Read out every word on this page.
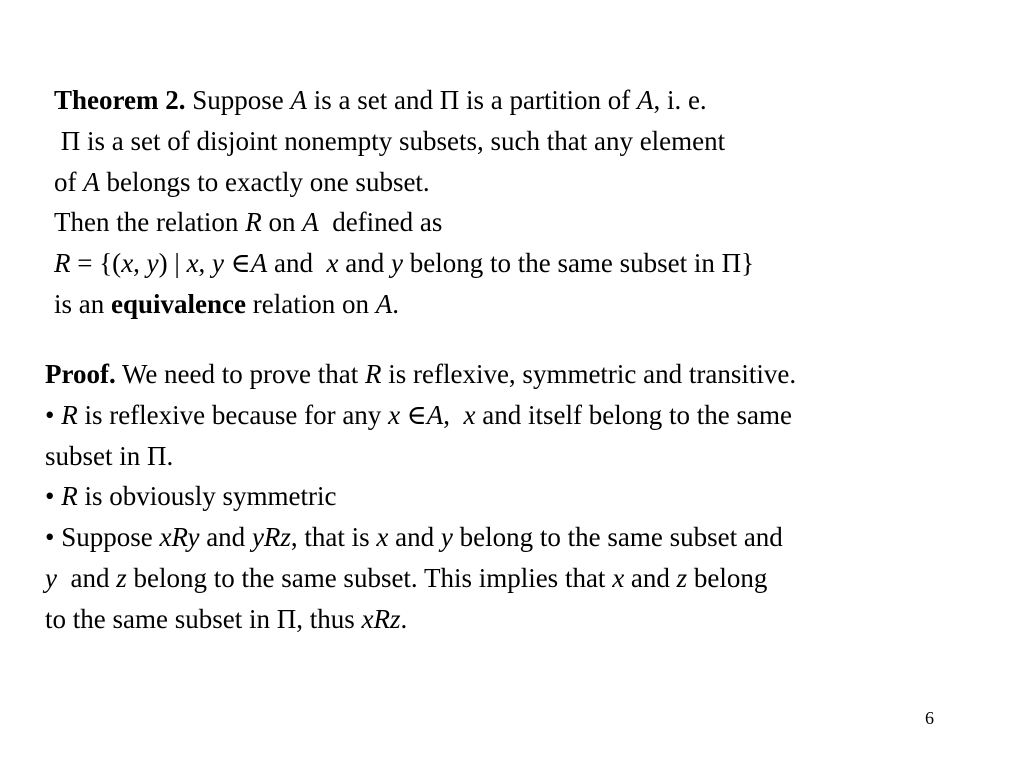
Theorem 2. Suppose A is a set and Π is a partition of A, i. e.
Π is a set of disjoint nonempty subsets, such that any element
of A belongs to exactly one subset.
Then the relation R on A  defined as
R = {(x, y) | x, y ∈A and  x and y belong to the same subset in Π}
is an equivalence relation on A.
Proof. We need to prove that R is reflexive, symmetric and transitive.
• R is reflexive because for any x ∈A,  x and itself belong to the same
subset in Π.
• R is obviously symmetric
• Suppose xRy and yRz, that is x and y belong to the same subset and
y  and z belong to the same subset. This implies that x and z belong
to the same subset in Π, thus xRz.
6
